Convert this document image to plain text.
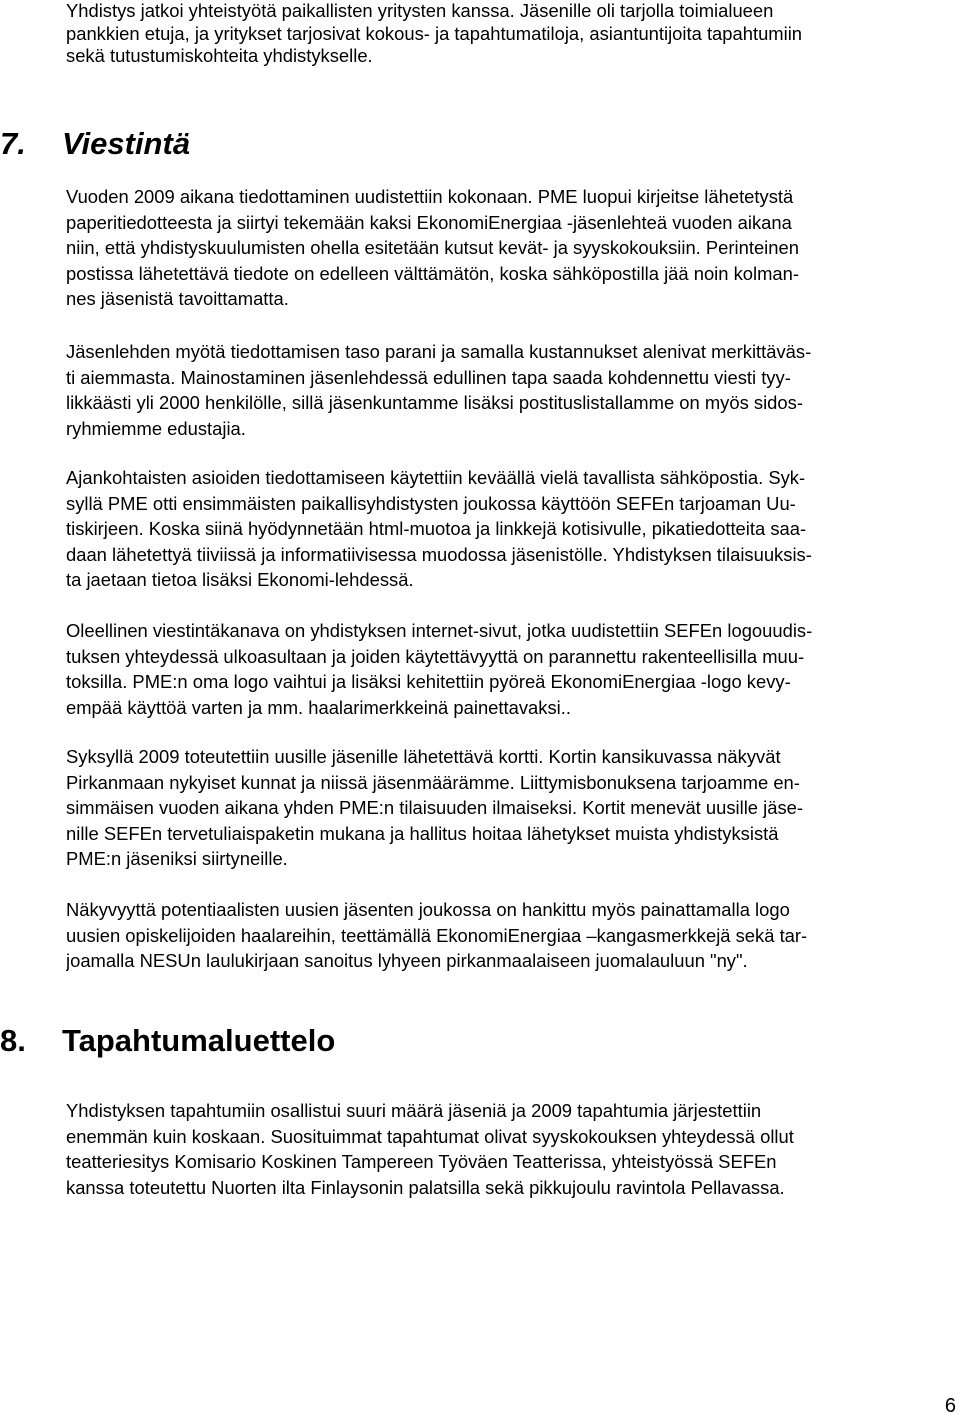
Yhdistys jatkoi yhteistyötä paikallisten yritysten kanssa. Jäsenille oli tarjolla toimialueen
pankkien etuja, ja yritykset tarjosivat kokous- ja tapahtumatiloja, asiantuntijoita tapahtumiin
sekä tutustumiskohteita yhdistykselle.
7. Viestintä
Vuoden 2009 aikana tiedottaminen uudistettiin kokonaan. PME luopui kirjeitse lähetetystä
paperitiedotteesta ja siirtyi tekemään kaksi EkonomiEnergiaa -jäsenlehteä vuoden aikana
niin, että yhdistyskuulumisten ohella esitetään kutsut kevät- ja syyskokouksiin. Perinteinen
postissa lähetettävä tiedote on edelleen välttämätön, koska sähköpostilla jää noin kolman-
nes jäsenistä tavoittamatta.
Jäsenlehden myötä tiedottamisen taso parani ja samalla kustannukset alenivat merkittäväs-
ti aiemmasta. Mainostaminen jäsenlehdessä edullinen tapa saada kohdennettu viesti tyy-
likkäästi yli 2000 henkilölle, sillä jäsenkuntamme lisäksi postituslistallamme on myös sidos-
ryhmiemme edustajia.
Ajankohtaisten asioiden tiedottamiseen käytettiin keväällä vielä tavallista sähköpostia. Syk-
syllä PME otti ensimmäisten paikallisyhdistysten joukossa käyttöön SEFEn tarjoaman Uu-
tiskirjeen. Koska siinä hyödynnetään html-muotoa ja linkkejä kotisivulle, pikatiedotteita saa-
daan lähetettyä tiiviissä ja informatiivisessa muodossa jäsenistölle. Yhdistyksen tilaisuuksis-
ta jaetaan tietoa lisäksi Ekonomi-lehdessä.
Oleellinen viestintäkanava on yhdistyksen internet-sivut, jotka uudistettiin SEFEn logouudis-
tuksen yhteydessä ulkoasultaan ja joiden käytettävyyttä on parannettu rakenteellisilla muu-
toksilla. PME:n oma logo vaihtui ja lisäksi kehitettiin pyöreä EkonomiEnergiaa -logo kevy-
empää käyttöä varten ja mm. haalarimerkkeinä painettavaksi..
Syksyllä 2009 toteutettiin uusille jäsenille lähetettävä kortti. Kortin kansikuvassa näkyvät
Pirkanmaan nykyiset kunnat ja niissä jäsenmäärämme. Liittymisbonuksena tarjoamme en-
simmäisen vuoden aikana yhden PME:n tilaisuuden ilmaiseksi. Kortit menevät uusille jäse-
nille SEFEn tervetuliaispaketin mukana ja hallitus hoitaa lähetykset muista yhdistyksistä
PME:n jäseniksi siirtyneille.
Näkyvyyttä potentiaalisten uusien jäsenten joukossa on hankittu myös painattamalla logo
uusien opiskelijoiden haalareihin, teettämällä EkonomiEnergiaa –kangasmerkkejä sekä tar-
joamalla NESUn laulukirjaan sanoitus lyhyeen pirkanmaalaiseen juomalauluun "ny".
8. Tapahtumaluettelo
Yhdistyksen tapahtumiin osallistui suuri määrä jäseniä ja 2009 tapahtumia järjestettiin
enemmän kuin koskaan. Suosituimmat tapahtumat olivat syyskokouksen yhteydessä ollut
teatteriesitys Komisario Koskinen Tampereen Työväen Teatterissa, yhteistyössä SEFEn
kanssa toteutettu Nuorten ilta Finlaysonin palatsilla sekä pikkujoulu ravintola Pellavassa.
6
